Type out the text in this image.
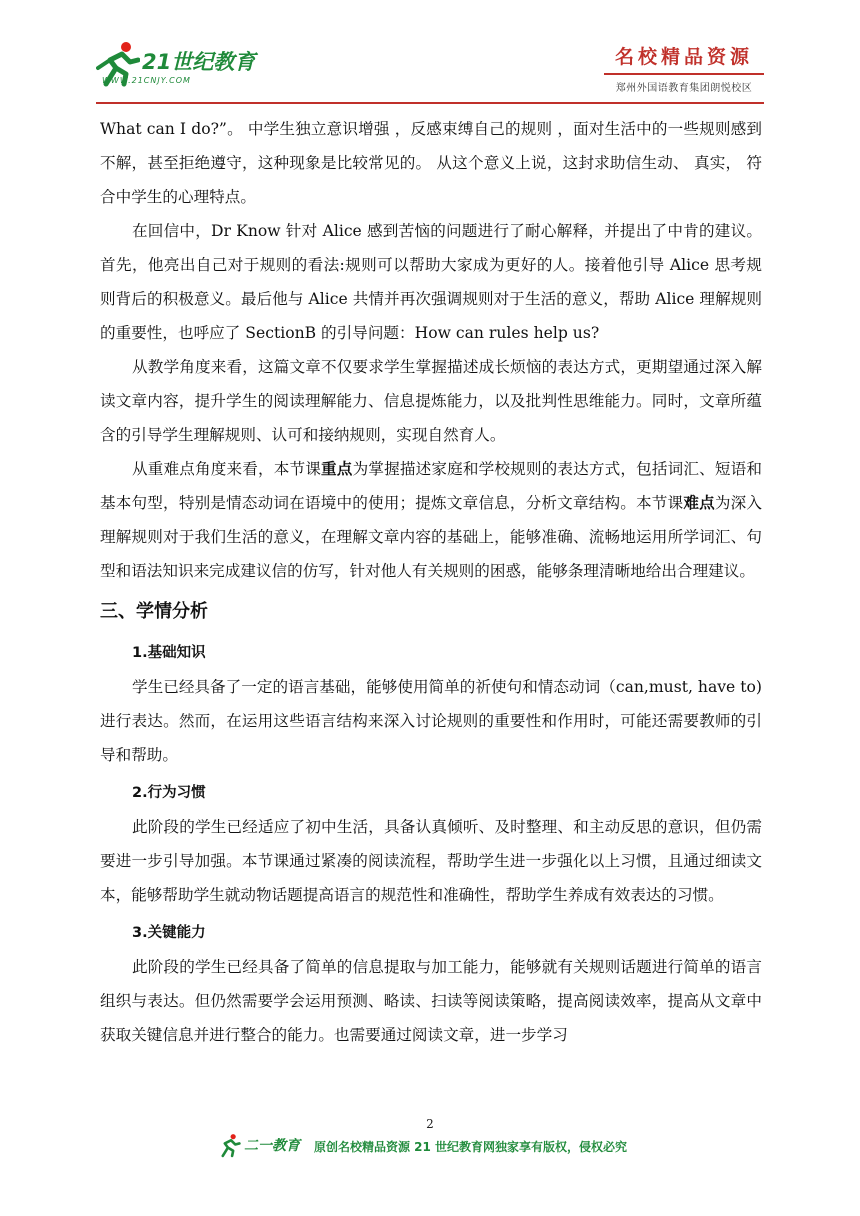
21世纪教育
WWW.21CNJY.COM
名校精品资源
郑州外国语教育集团朗悦校区

What can I do?”。 中学生独立意识增强 ，反感束缚自己的规则 ，面对生活中的一些规则感到不解，甚至拒绝遵守，这种现象是比较常见的。 从这个意义上说，这封求助信生动、 真实， 符合中学生的心理特点。

在回信中，Dr Know 针对 Alice 感到苦恼的问题进行了耐心解释，并提出了中肯的建议。 首先，他亮出自己对于规则的看法:规则可以帮助大家成为更好的人。接着他引导 Alice 思考规则背后的积极意义。最后他与 Alice 共情并再次强调规则对于生活的意义，帮助 Alice 理解规则的重要性，也呼应了 SectionB 的引导问题：How can rules help us?

从教学角度来看，这篇文章不仅要求学生掌握描述成长烦恼的表达方式，更期望通过深入解读文章内容，提升学生的阅读理解能力、信息提炼能力，以及批判性思维能力。同时，文章所蕴含的引导学生理解规则、认可和接纳规则，实现自然育人。

从重难点角度来看，本节课重点为掌握描述家庭和学校规则的表达方式，包括词汇、短语和基本句型，特别是情态动词在语境中的使用；提炼文章信息，分析文章结构。本节课难点为深入理解规则对于我们生活的意义，在理解文章内容的基础上，能够准确、流畅地运用所学词汇、句型和语法知识来完成建议信的仿写，针对他人有关规则的困惑，能够条理清晰地给出合理建议。

三、学情分析
1.基础知识

学生已经具备了一定的语言基础，能够使用简单的祈使句和情态动词（can,must, have to)进行表达。然而，在运用这些语言结构来深入讨论规则的重要性和作用时，可能还需要教师的引导和帮助。

2.行为习惯

此阶段的学生已经适应了初中生活，具备认真倾听、及时整理、和主动反思的意识，但仍需要进一步引导加强。本节课通过紧凑的阅读流程，帮助学生进一步强化以上习惯，且通过细读文本，能够帮助学生就动物话题提高语言的规范性和准确性，帮助学生养成有效表达的习惯。

3.关键能力

此阶段的学生已经具备了简单的信息提取与加工能力，能够就有关规则话题进行简单的语言组织与表达。但仍然需要学会运用预测、略读、扫读等阅读策略，提高阅读效率，提高从文章中获取关键信息并进行整合的能力。也需要通过阅读文章，进一步学习

2
二一教育 原创名校精品资源 21 世纪教育网独家享有版权，侵权必究
